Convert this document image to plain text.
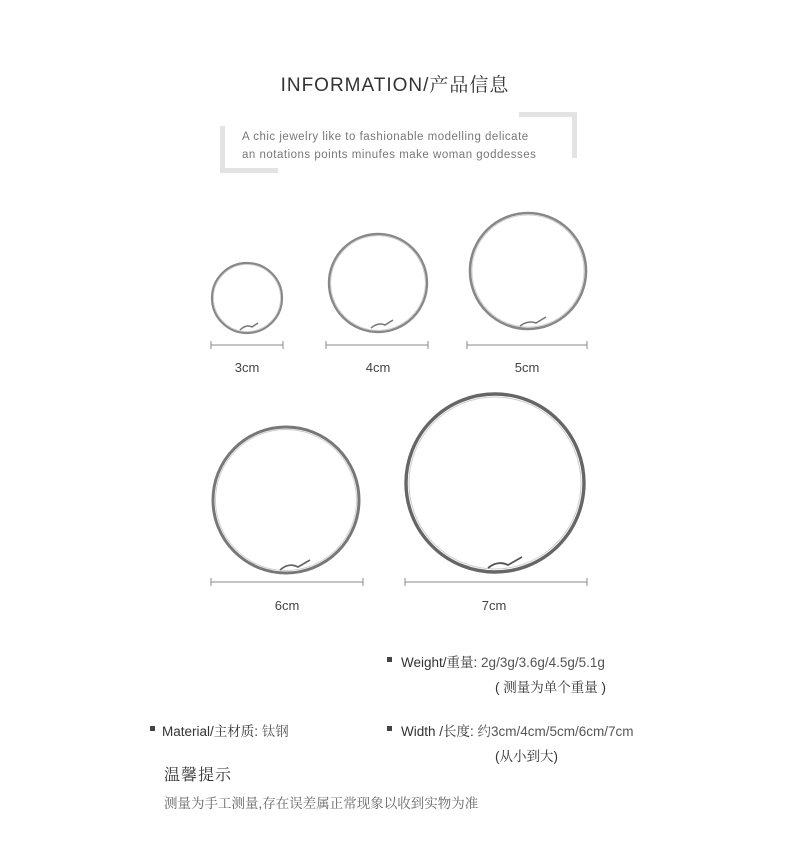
INFORMATION/产品信息
A chic jewelry like to fashionable modelling delicate
an notations points minufes make woman goddesses
3cm	4cm	5cm
6cm	7cm
Weight/重量: 2g/3g/3.6g/4.5g/5.1g
( 测量为单个重量 )
Material/主材质: 钛钢	Width /长度: 约3cm/4cm/5cm/6cm/7cm
(从小到大)
温馨提示
测量为手工测量,存在误差属正常现象以收到实物为准
